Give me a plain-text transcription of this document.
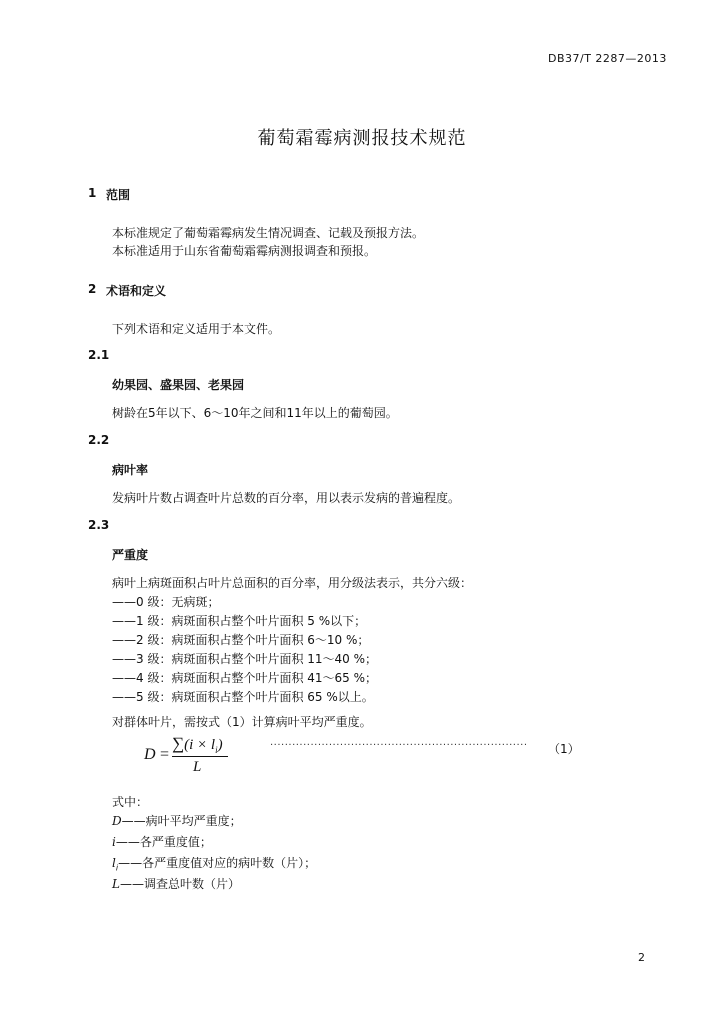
DB37/T 2287—2013
葡萄霜霉病测报技术规范
1 范围
本标准规定了葡萄霜霉病发生情况调查、记载及预报方法。
本标准适用于山东省葡萄霜霉病测报调查和预报。
2 术语和定义
下列术语和定义适用于本文件。
2.1
幼果园、盛果园、老果园
树龄在5年以下、6～10年之间和11年以上的葡萄园。
2.2
病叶率
发病叶片数占调查叶片总数的百分率，用以表示发病的普遍程度。
2.3
严重度
病叶上病斑面积占叶片总面积的百分率，用分级法表示，共分六级：
——0 级：无病斑；
——1 级：病斑面积占整个叶片面积 5 %以下；
——2 级：病斑面积占整个叶片面积 6～10 %；
——3 级：病斑面积占整个叶片面积 11～40 %；
——4 级：病斑面积占整个叶片面积 41～65 %；
——5 级：病斑面积占整个叶片面积 65 %以上。
对群体叶片，需按式（1）计算病叶平均严重度。
D =
$\sum(i \times l_i)$
L
······································································	（1）
式中：
D——病叶平均严重度；
i——各严重度值；
$l_i——$各严重度值对应的病叶数（片）；
L——调查总叶数（片）
2
